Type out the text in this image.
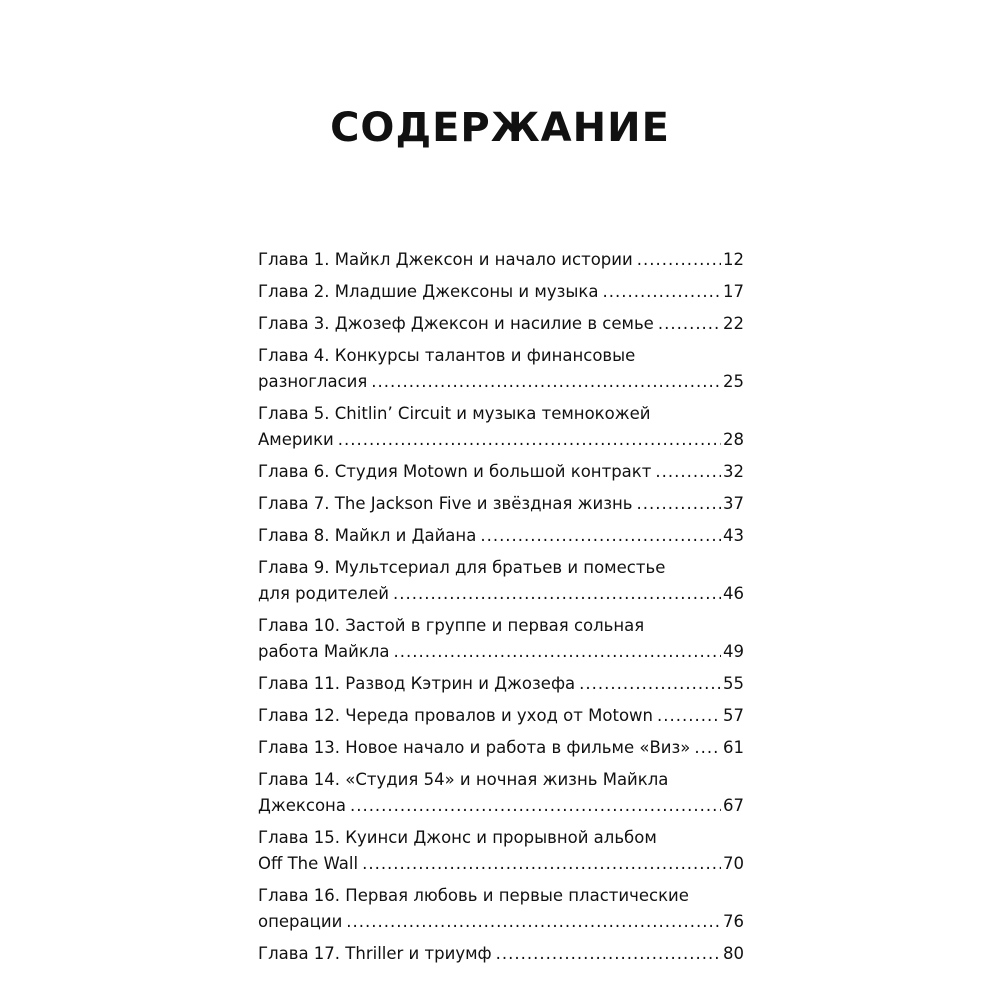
СОДЕРЖАНИЕ
Глава 1. Майкл Джексон и начало истории .....	12
Глава 2. Младшие Джексоны и музыка .....	17
Глава 3. Джозеф Джексон и насилие в семье .....	22
Глава 4. Конкурсы талантов и финансовые
разногласия .....	25
Глава 5. Chitlin’ Circuit и музыка темнокожей
Америки .....	28
Глава 6. Студия Motown и большой контракт .....	32
Глава 7. The Jackson Five и звёздная жизнь .....	37
Глава 8. Майкл и Дайана .....	43
Глава 9. Мультсериал для братьев и поместье
для родителей .....	46
Глава 10. Застой в группе и первая сольная
работа Майкла .....	49
Глава 11. Развод Кэтрин и Джозефа .....	55
Глава 12. Череда провалов и уход от Motown .....	57
Глава 13. Новое начало и работа в фильме «Виз» ..... 61
Глава 14. «Студия 54» и ночная жизнь Майкла
Джексона .....	67
Глава 15. Куинси Джонс и прорывной альбом
Off The Wall .....	70
Глава 16. Первая любовь и первые пластические
операции .....	76
Глава 17. Thriller и триумф .....	80
